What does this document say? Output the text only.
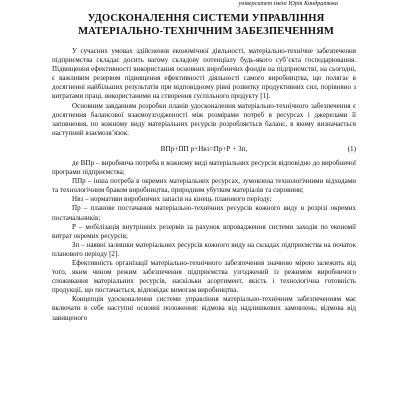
університет імені Юрія Кондратюка
УДОСКОНАЛЕННЯ СИСТЕМИ УПРАВЛІННЯ
МАТЕРІАЛЬНО-ТЕХНІЧНИМ ЗАБЕЗПЕЧЕННЯМ

У сучасних умовах здійснення економічної діяльності, матеріально-технічне забезпечення підприємства складає досить вагому складову потенціалу будь-якого суб’єкта господарювання. Підвищення ефективності використання основних виробничих фондів на підприємстві, на сьогодні, є важливим резервом підвищення ефективності діяльності самого виробництва, що полягає в досягненні найбільших результатів при відповідному рівні розвитку продуктивних сил, порівняно з витратами праці, використаними на створення суспільного продукту [1].

Основним завданням розробки планів удосконалення матеріально-технічного забезпечення є досягнення балансової взаємоузгодженості між розмірами потреб в ресурсах і джерелами її заповнення, по кожному виду матеріальних ресурсів розробляється баланс, в якому визначається наступний взаємозв’язок:

ВПр+ПП р+Нвз=Пр+Р + Зп,	(1)

де ВПр – виробнича потреба в кожному виді матеріальних ресурсів відповідно до виробничої програми підприємства;

ППр – інша потреба в окремих матеріальних ресурсах, зумовлена технологічними відходами та технологічним браком виробництва, природним убутком матеріалів та сировини;

Нвз – нормативи виробничих запасів на кінець планового періоду;

Пр – планове постачання матеріально-технічних ресурсів кожного виду в розрізі окремих постачальників;

Р – мобілізація внутрішніх резервів за рахунок впровадження системи заходів по економії витрат окремих ресурсів;

Зп – наявні залишки матеріальних ресурсів кожного виду на складах підприємства на початок планового періоду [2].

Ефективність організації матеріально-технічного забезпечення значною мірою залежить від того, яким чином режим забезпечення підприємства узгоджений із режимом виробничого споживання матеріальних ресурсів, наскільки асортимент, якість і технологічна готовність продукції, що постачається, відповідає вимогам виробництва.

Концепція удосконалення системи управління матеріально-технічним забезпеченням має включати в себе наступні основні положення: відмова від надлишкових замовлень; відмова від завищеного
